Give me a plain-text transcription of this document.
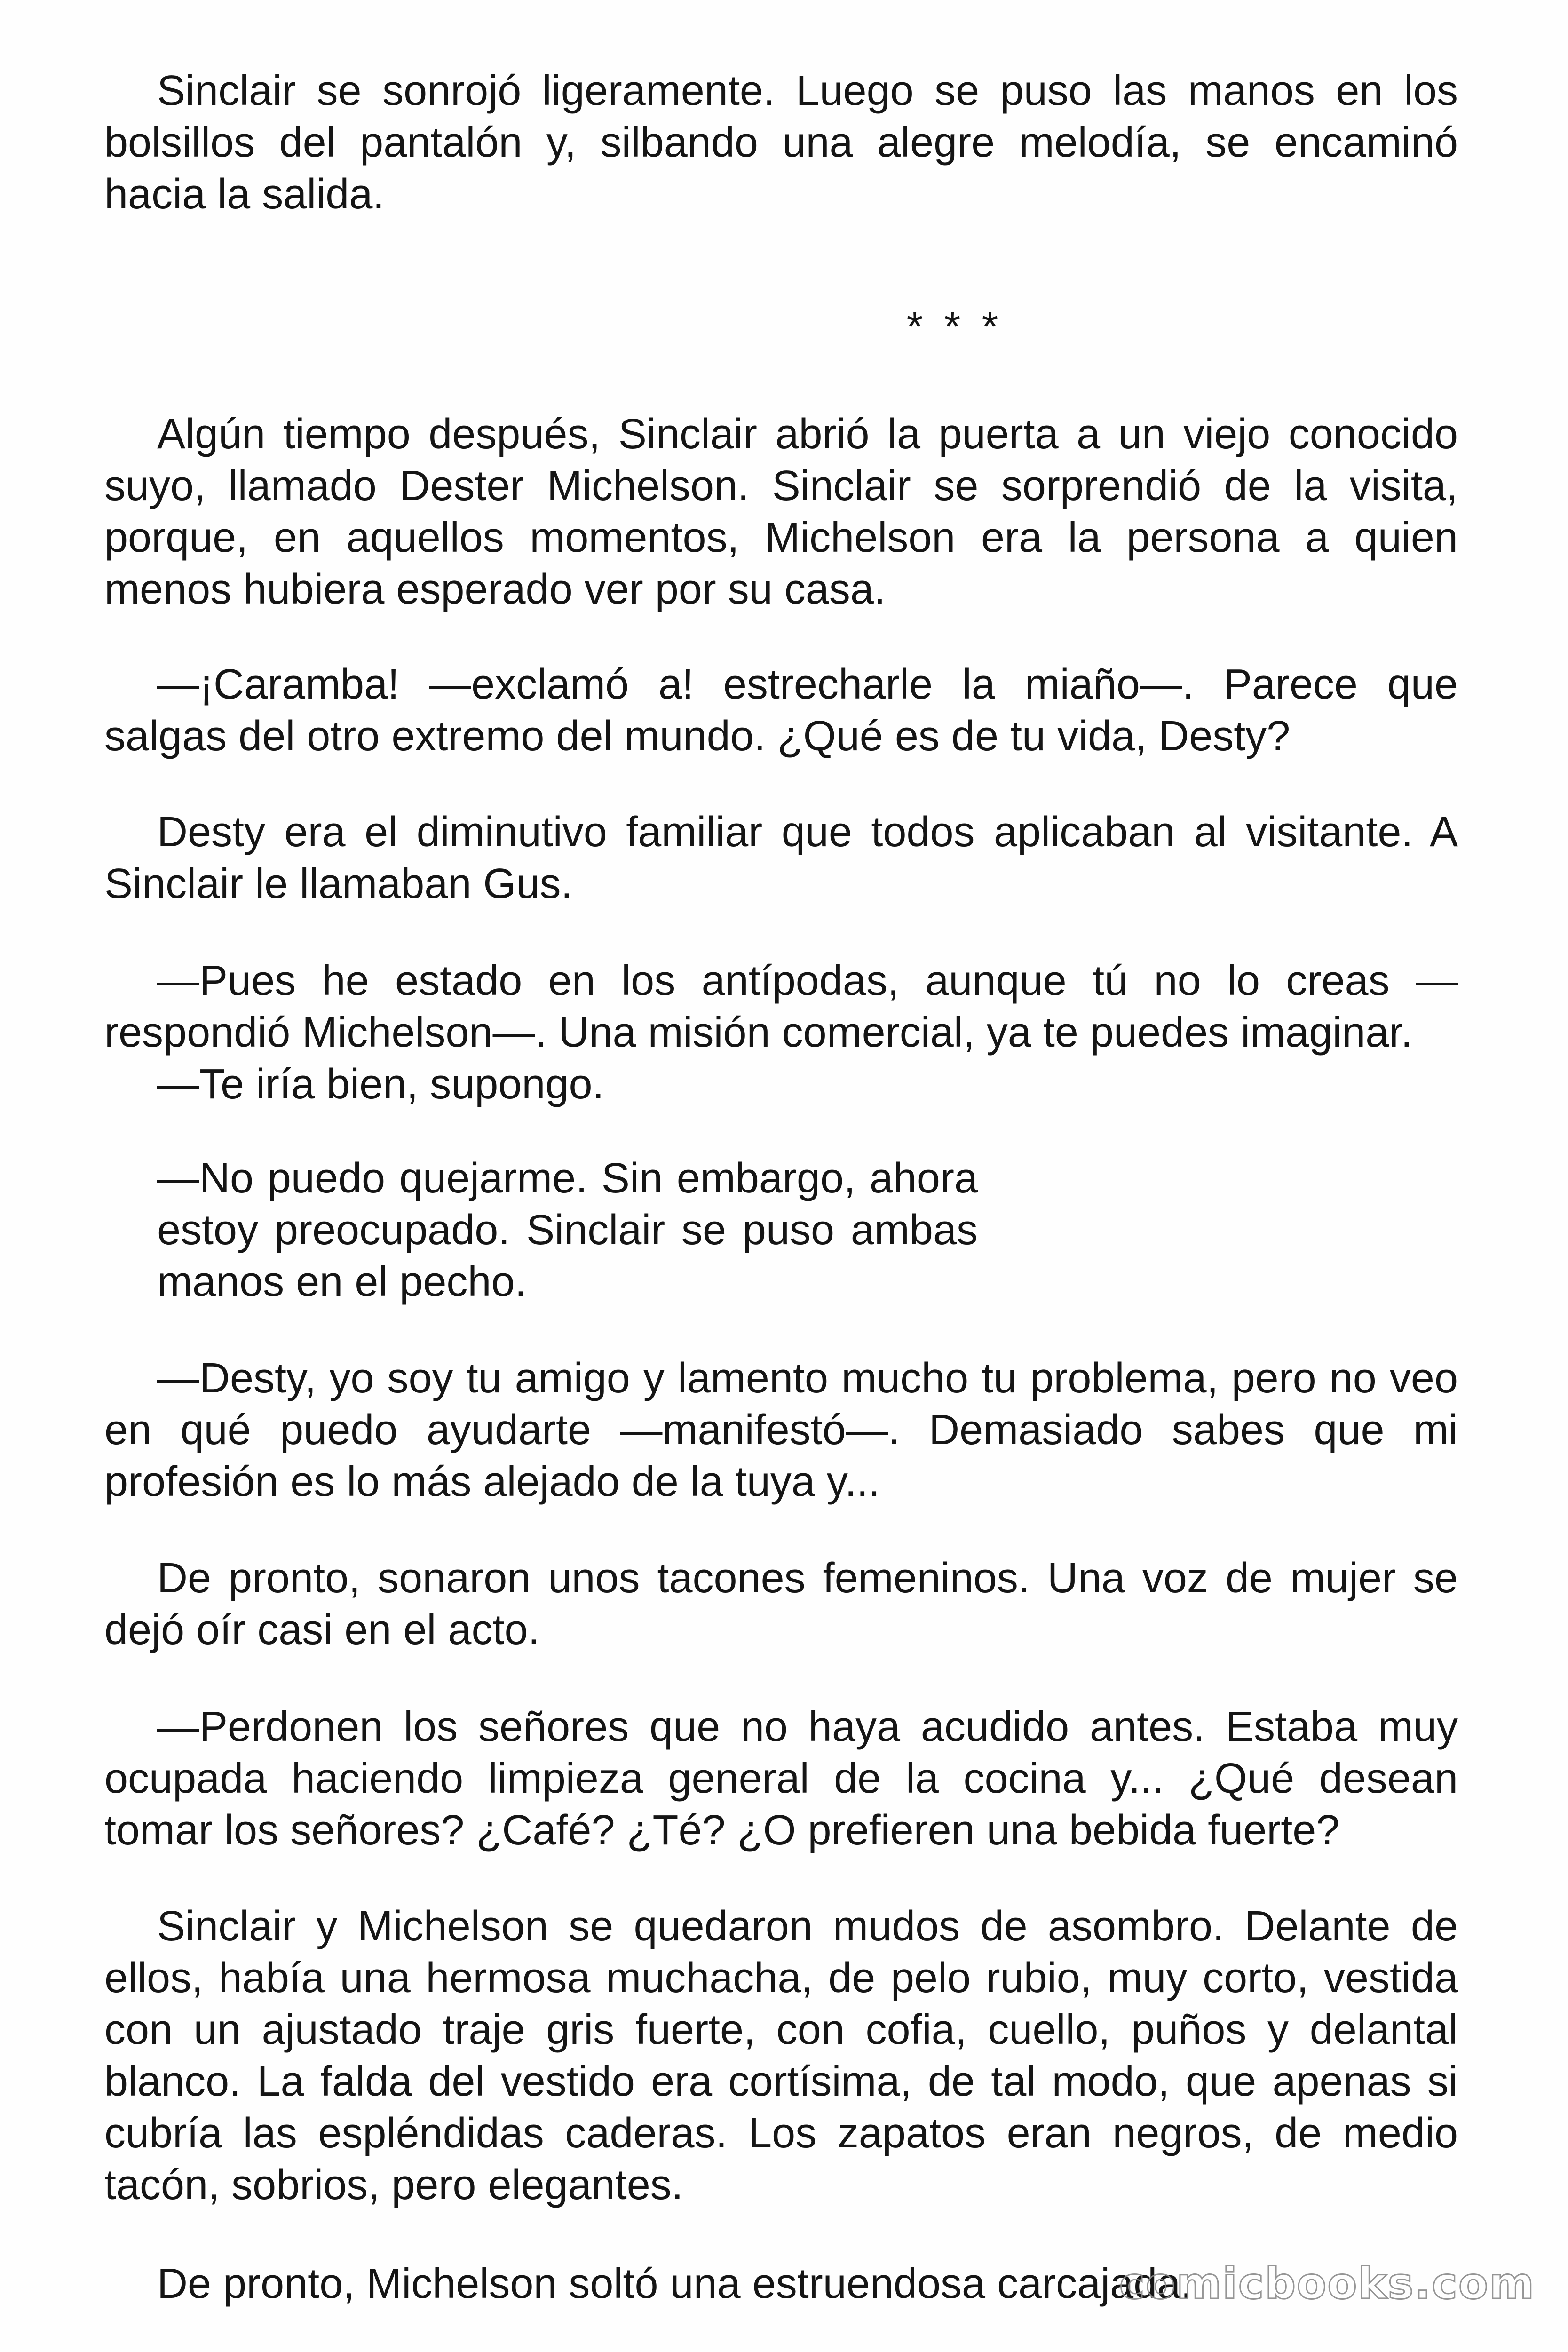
Sinclair se sonrojó ligeramente. Luego se puso las manos en los bolsillos del pantalón y, silbando una alegre melodía, se encaminó hacia la salida.

* * *

Algún tiempo después, Sinclair abrió la puerta a un viejo conocido suyo, llamado Dester Michelson. Sinclair se sorprendió de la visita, porque, en aquellos momentos, Michelson era la persona a quien menos hubiera esperado ver por su casa.

—¡Caramba! —exclamó a! estrecharle la miaño—. Parece que salgas del otro extremo del mundo. ¿Qué es de tu vida, Desty?

Desty era el diminutivo familiar que todos aplicaban al visitante. A Sinclair le llamaban Gus.

—Pues he estado en los antípodas, aunque tú no lo creas —respondió Michelson—. Una misión comercial, ya te puedes imaginar.

—Te iría bien, supongo.

—No puedo quejarme. Sin embargo, ahora estoy preocupado. Sinclair se puso ambas manos en el pecho.

—Desty, yo soy tu amigo y lamento mucho tu problema, pero no veo en qué puedo ayudarte —manifestó—. Demasiado sabes que mi profesión es lo más alejado de la tuya y...

De pronto, sonaron unos tacones femeninos. Una voz de mujer se dejó oír casi en el acto.

—Perdonen los señores que no haya acudido antes. Estaba muy ocupada haciendo limpieza general de la cocina y... ¿Qué desean tomar los señores? ¿Café? ¿Té? ¿O prefieren una bebida fuerte?

Sinclair y Michelson se quedaron mudos de asombro. Delante de ellos, había una hermosa muchacha, de pelo rubio, muy corto, vestida con un ajustado traje gris fuerte, con cofia, cuello, puños y delantal blanco. La falda del vestido era cortísima, de tal modo, que apenas si cubría las espléndidas caderas. Los zapatos eran negros, de medio tacón, sobrios, pero elegantes.

De pronto, Michelson soltó una estruendosa carcajada.

comicbooks.com
